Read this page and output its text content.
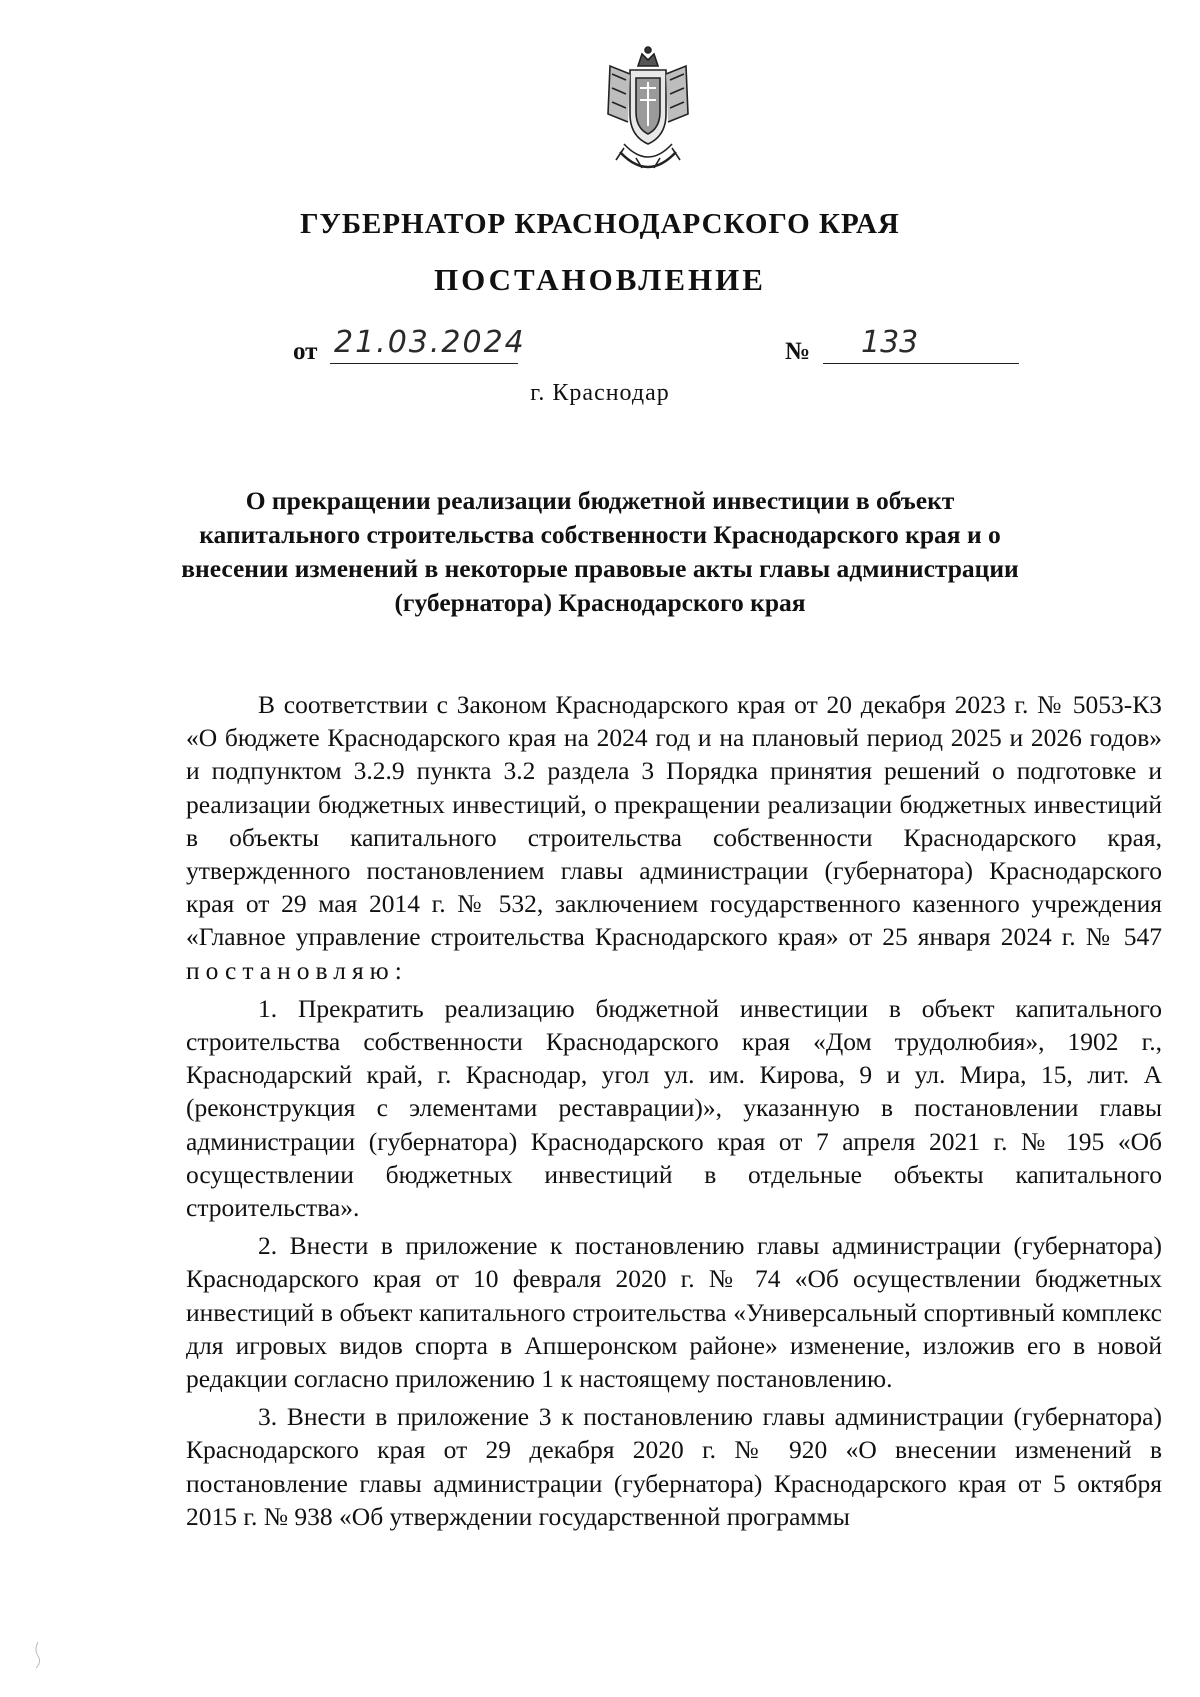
ГУБЕРНАТОР КРАСНОДАРСКОГО КРАЯ
ПОСТАНОВЛЕНИЕ
от 21.03.2024	№ 133
г. Краснодар
О прекращении реализации бюджетной инвестиции в объект капитального строительства собственности Краснодарского края и о внесении изменений в некоторые правовые акты главы администрации (губернатора) Краснодарского края

В соответствии с Законом Краснодарского края от 20 декабря 2023 г. № 5053-КЗ «О бюджете Краснодарского края на 2024 год и на плановый период 2025 и 2026 годов» и подпунктом 3.2.9 пункта 3.2 раздела 3 Порядка принятия решений о подготовке и реализации бюджетных инвестиций, о прекращении реализации бюджетных инвестиций в объекты капитального строительства собственности Краснодарского края, утвержденного постановлением главы администрации (губернатора) Краснодарского края от 29 мая 2014 г. № 532, заключением государственного казенного учреждения «Главное управление строительства Краснодарского края» от 25 января 2024 г. № 547 постановляю:

1. Прекратить реализацию бюджетной инвестиции в объект капитального строительства собственности Краснодарского края «Дом трудолюбия», 1902 г., Краснодарский край, г. Краснодар, угол ул. им. Кирова, 9 и ул. Мира, 15, лит. А (реконструкция с элементами реставрации)», указанную в постановлении главы администрации (губернатора) Краснодарского края от 7 апреля 2021 г. № 195 «Об осуществлении бюджетных инвестиций в отдельные объекты капитального строительства».

2. Внести в приложение к постановлению главы администрации (губернатора) Краснодарского края от 10 февраля 2020 г. № 74 «Об осуществлении бюджетных инвестиций в объект капитального строительства «Универсальный спортивный комплекс для игровых видов спорта в Апшеронском районе» изменение, изложив его в новой редакции согласно приложению 1 к настоящему постановлению.

3. Внести в приложение 3 к постановлению главы администрации (губернатора) Краснодарского края от 29 декабря 2020 г. № 920 «О внесении изменений в постановление главы администрации (губернатора) Краснодарского края от 5 октября 2015 г. № 938 «Об утверждении государственной программы
